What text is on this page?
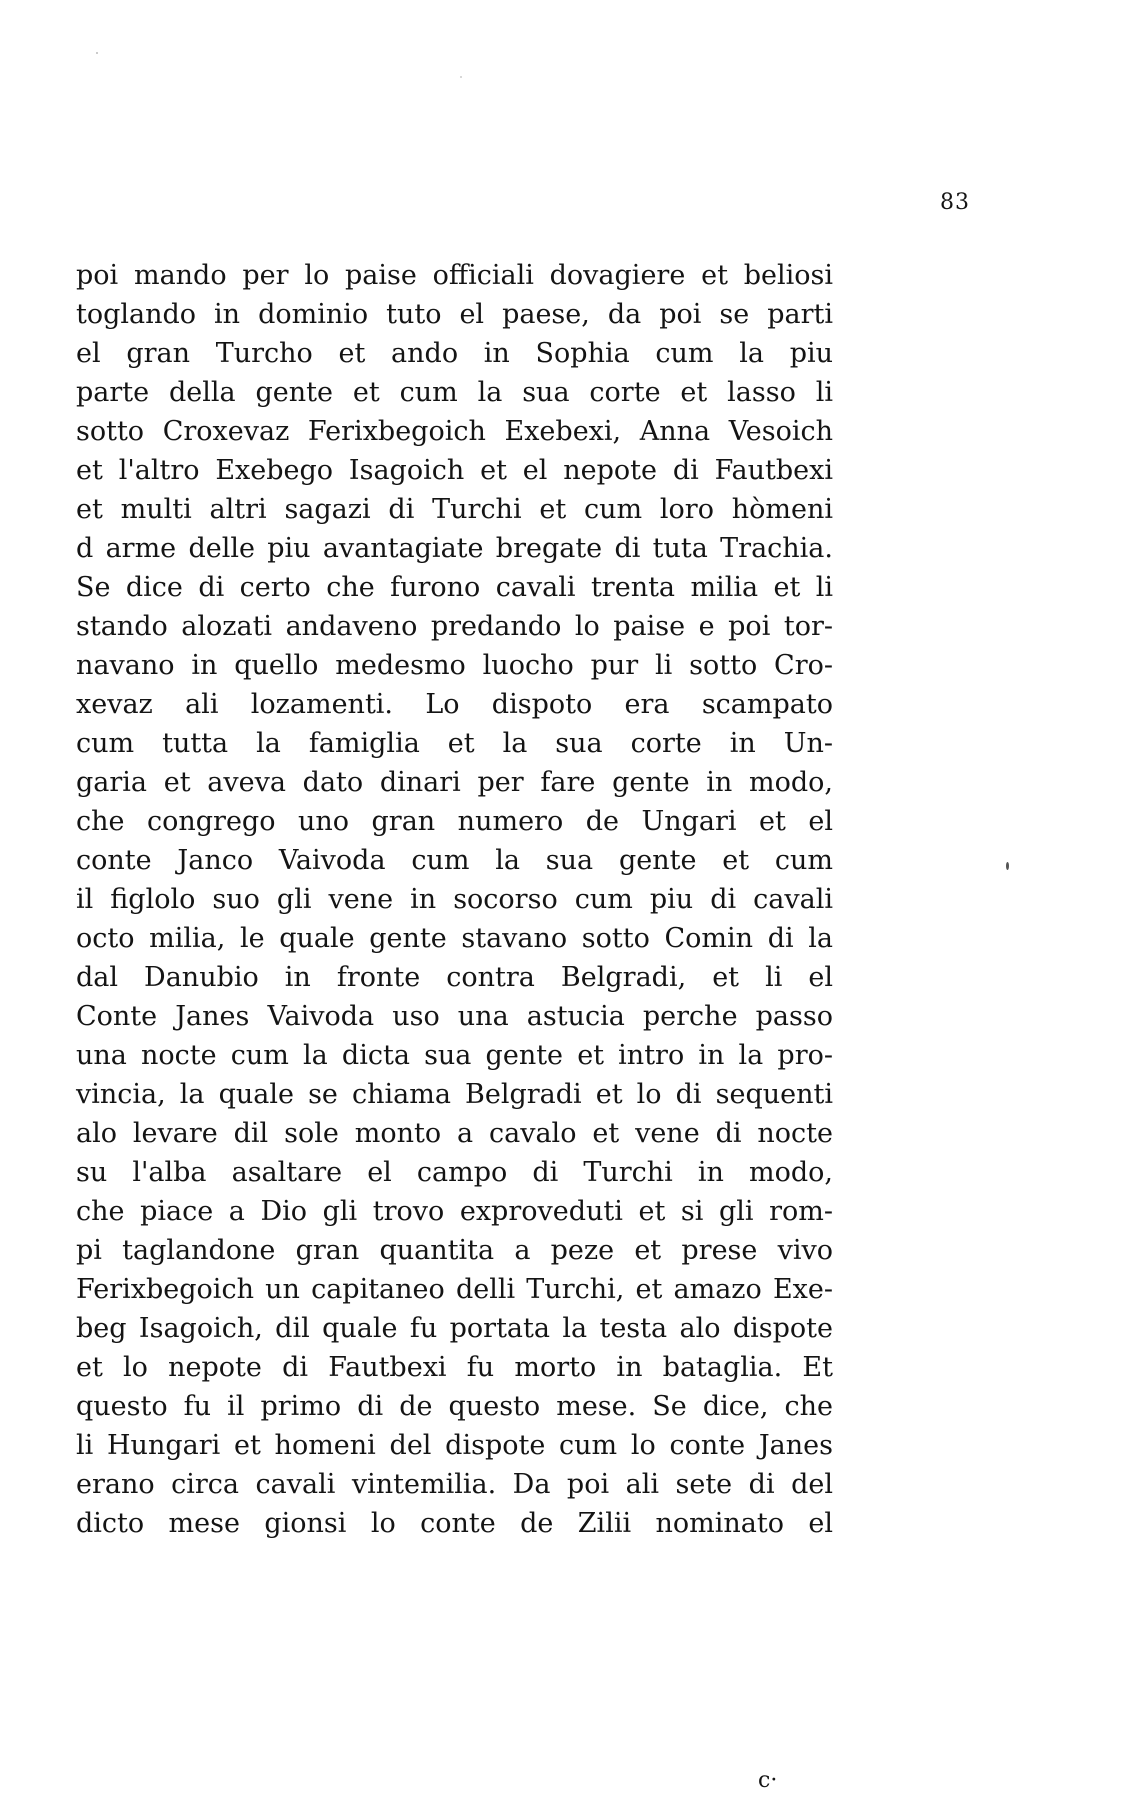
83
poi mando per lo paise officiali dovagiere et beliosi
toglando in dominio tuto el paese, da poi se parti
el gran Turcho et ando in Sophia cum la piu
parte della gente et cum la sua corte et lasso li
sotto Croxevaz Ferixbegoich Exebexi, Anna Vesoich
et l'altro Exebego Isagoich et el nepote di Fautbexi
et multi altri sagazi di Turchi et cum loro hòmeni
d arme delle piu avantagiate bregate di tuta Trachia.
Se dice di certo che furono cavali trenta milia et li
stando alozati andaveno predando lo paise e poi tor-
navano in quello medesmo luocho pur li sotto Cro-
xevaz ali lozamenti. Lo dispoto era scampato
cum tutta la famiglia et la sua corte in Un-
garia et aveva dato dinari per fare gente in modo,
che congrego uno gran numero de Ungari et el
conte Janco Vaivoda cum la sua gente et cum
il figlolo suo gli vene in socorso cum piu di cavali
octo milia, le quale gente stavano sotto Comin di la
dal Danubio in fronte contra Belgradi, et li el
Conte Janes Vaivoda uso una astucia perche passo
una nocte cum la dicta sua gente et intro in la pro-
vincia, la quale se chiama Belgradi et lo di sequenti
alo levare dil sole monto a cavalo et vene di nocte
su l'alba asaltare el campo di Turchi in modo,
che piace a Dio gli trovo exproveduti et si gli rom-
pi taglandone gran quantita a peze et prese vivo
Ferixbegoich un capitaneo delli Turchi, et amazo Exe-
beg Isagoich, dil quale fu portata la testa alo dispote
et lo nepote di Fautbexi fu morto in bataglia. Et
questo fu il primo di de questo mese. Se dice, che
li Hungari et homeni del dispote cum lo conte Janes
erano circa cavali vintemilia. Da poi ali sete di del
dicto mese gionsi lo conte de Zilii nominato el
c·
